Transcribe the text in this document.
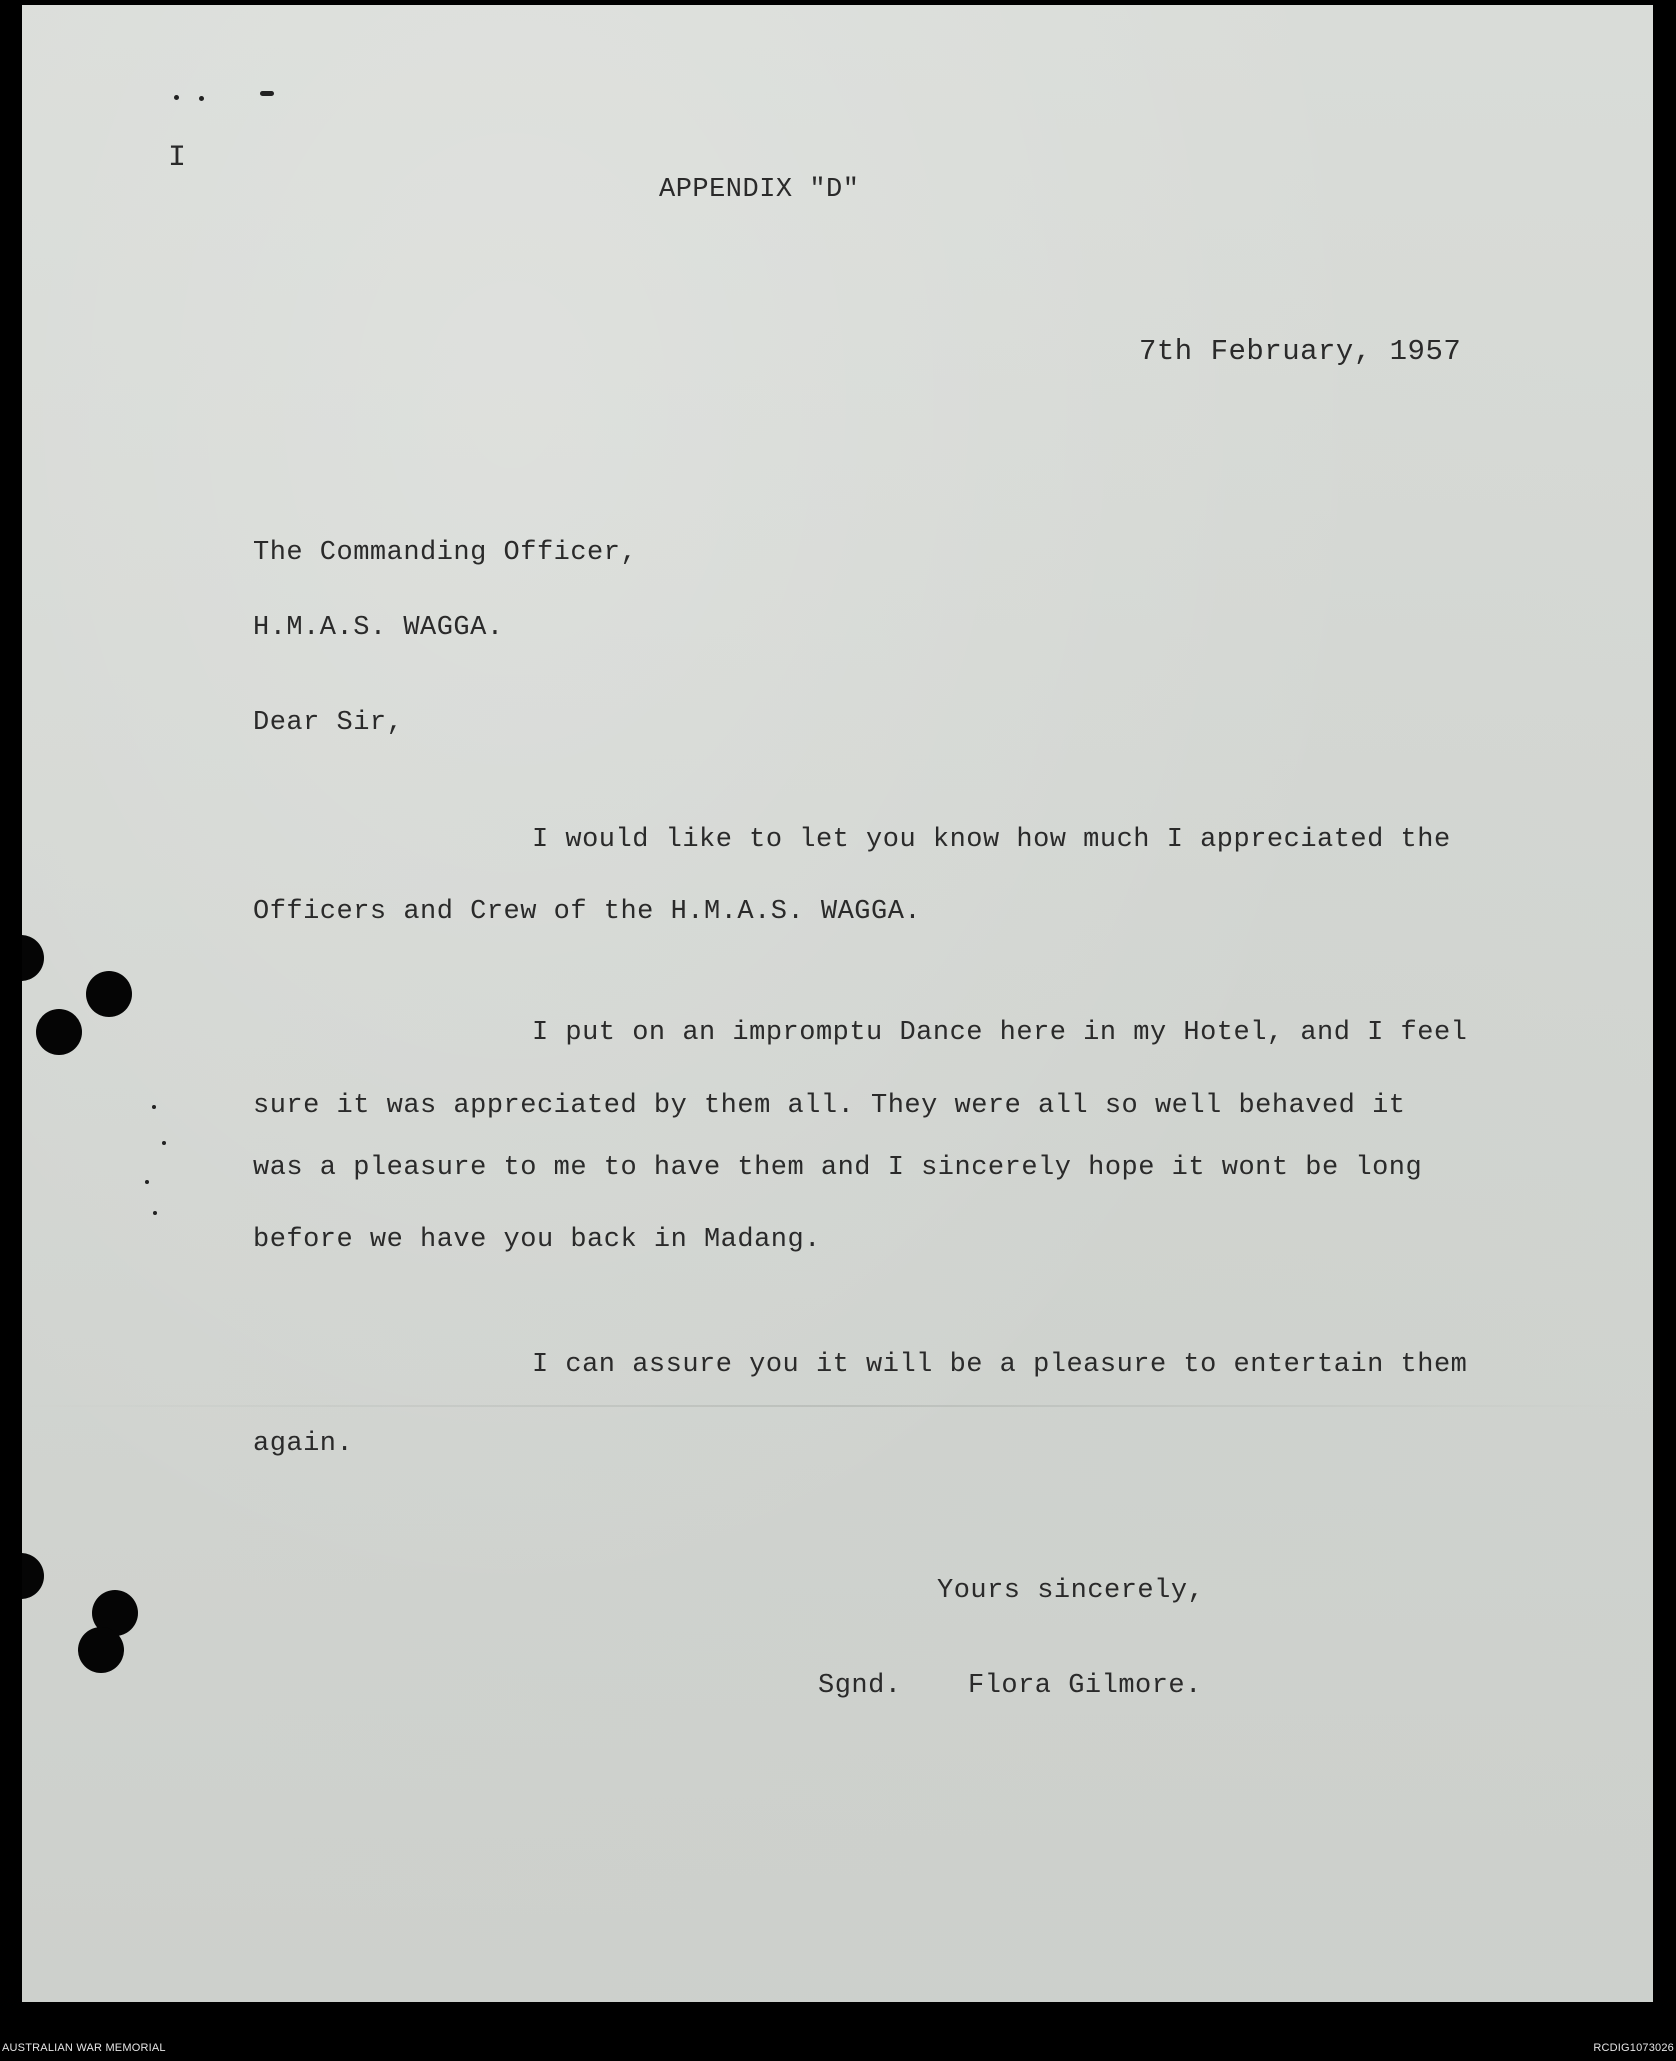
I
APPENDIX "D"
7th February, 1957
The Commanding Officer,
H.M.A.S. WAGGA.
Dear Sir,
I would like to let you know how much I appreciated the
Officers and Crew of the H.M.A.S. WAGGA.
I put on an impromptu Dance here in my Hotel, and I feel
sure it was appreciated by them all. They were all so well behaved it
was a pleasure to me to have them and I sincerely hope it wont be long
before we have you back in Madang.
I can assure you it will be a pleasure to entertain them
again.
Yours sincerely,
Sgnd. Flora Gilmore.
AUSTRALIAN WAR MEMORIAL	RCDIG1073026
